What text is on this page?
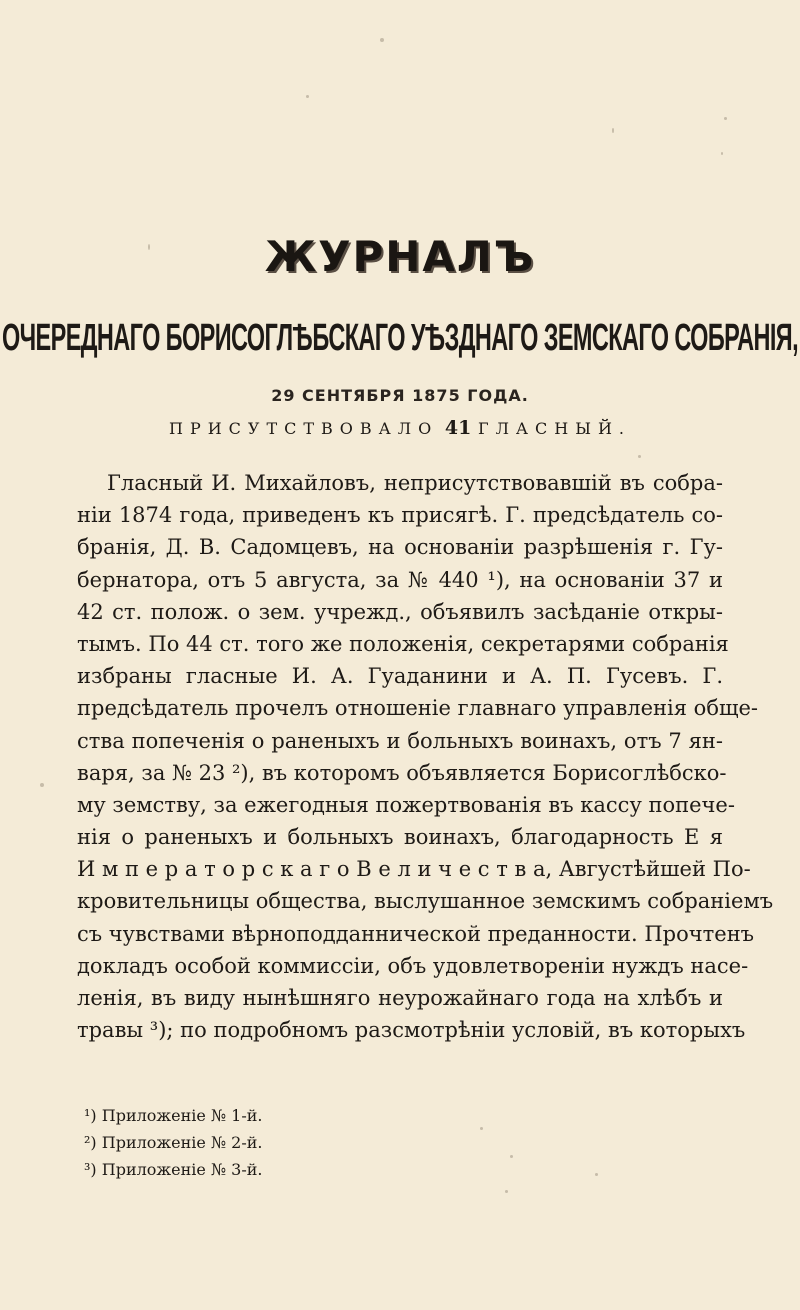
ЖУРНАЛЪ
ОЧЕРЕДНАГО БОРИСОГЛѢБСКАГО УѢЗДНАГО ЗЕМСКАГО СОБРАНІЯ,
29 СЕНТЯБРЯ 1875 ГОДА.
ПРИСУТСТВОВАЛО 41 ГЛАСНЫЙ.
Гласный И. Михайловъ, неприсутствовавшій въ собра-
ніи 1874 года, приведенъ къ присягѣ. Г. предсѣдатель со-
бранія, Д. В. Садомцевъ, на основаніи разрѣшенія г. Гу-
бернатора, отъ 5 августа, за № 440 ¹), на основаніи 37 и
42 ст. полож. о зем. учрежд., объявилъ засѣданіе откры-
тымъ. По 44 ст. того же положенія, секретарями собранія
избраны гласные И. А. Гуаданини и А. П. Гусевъ. Г.
предсѣдатель прочелъ отношеніе главнаго управленія обще-
ства попеченія о раненыхъ и больныхъ воинахъ, отъ 7 ян-
варя, за № 23 ²), въ которомъ объявляется Борисоглѣбско-
му земству, за ежегодныя пожертвованія въ кассу попече-
нія о раненыхъ и больныхъ воинахъ, благодарность Е я
И м п е р а т о р с к а г о В е л и ч е с т в а, Августѣйшей По-
кровительницы общества, выслушанное земскимъ собраніемъ
съ чувствами вѣрноподданнической преданности. Прочтенъ
докладъ особой коммиссіи, объ удовлетвореніи нуждъ насе-
ленія, въ виду нынѣшняго неурожайнаго года на хлѣбъ и
травы ³); по подробномъ разсмотрѣніи условій, въ которыхъ
¹) Приложеніе № 1-й.
²) Приложеніе № 2-й.
³) Приложеніе № 3-й.
